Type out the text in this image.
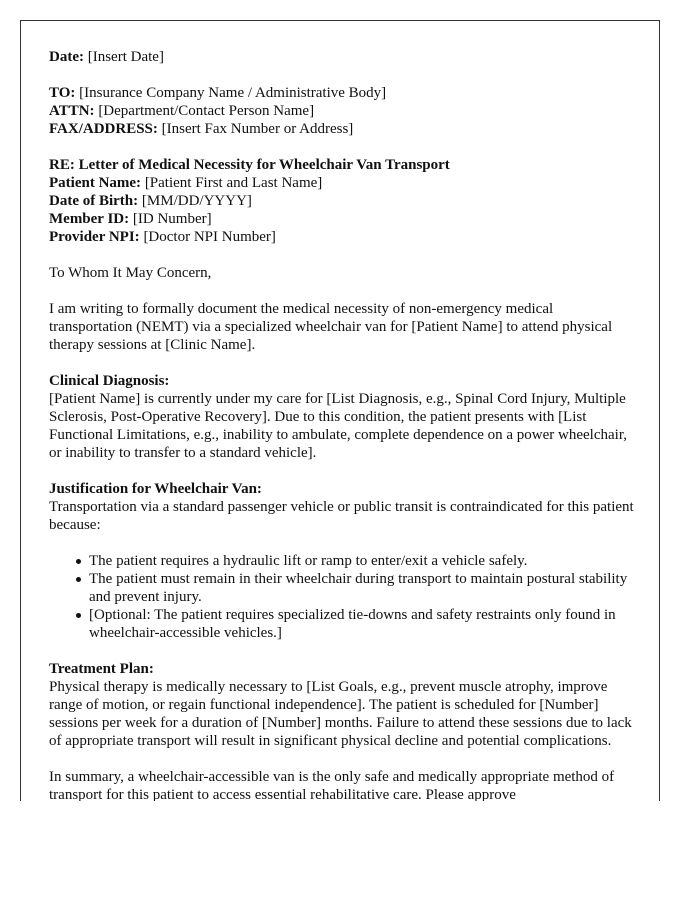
Date: [Insert Date]
TO: [Insurance Company Name / Administrative Body]
ATTN: [Department/Contact Person Name]
FAX/ADDRESS: [Insert Fax Number or Address]
RE: Letter of Medical Necessity for Wheelchair Van Transport
Patient Name: [Patient First and Last Name]
Date of Birth: [MM/DD/YYYY]
Member ID: [ID Number]
Provider NPI: [Doctor NPI Number]

To Whom It May Concern,

I am writing to formally document the medical necessity of non-emergency medical transportation (NEMT) via a specialized wheelchair van for [Patient Name] to attend physical therapy sessions at [Clinic Name].

Clinical Diagnosis:
[Patient Name] is currently under my care for [List Diagnosis, e.g., Spinal Cord Injury, Multiple Sclerosis, Post-Operative Recovery]. Due to this condition, the patient presents with [List Functional Limitations, e.g., inability to ambulate, complete dependence on a power wheelchair, or inability to transfer to a standard vehicle].
Justification for Wheelchair Van:
Transportation via a standard passenger vehicle or public transit is contraindicated for this patient because:
The patient requires a hydraulic lift or ramp to enter/exit a vehicle safely.
The patient must remain in their wheelchair during transport to maintain postural stability and prevent injury.
[Optional: The patient requires specialized tie-downs and safety restraints only found in wheelchair-accessible vehicles.]
Treatment Plan:
Physical therapy is medically necessary to [List Goals, e.g., prevent muscle atrophy, improve range of motion, or regain functional independence]. The patient is scheduled for [Number] sessions per week for a duration of [Number] months. Failure to attend these sessions due to lack of appropriate transport will result in significant physical decline and potential complications.

In summary, a wheelchair-accessible van is the only safe and medically appropriate method of transport for this patient to access essential rehabilitative care. Please approve
